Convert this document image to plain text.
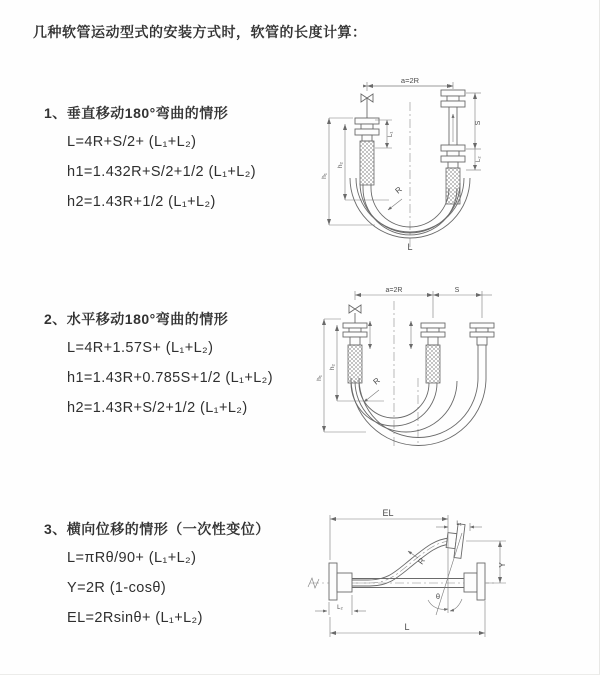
几种软管运动型式的安装方式时，软管的长度计算：
1、垂直移动180°弯曲的情形
L=4R+S/2+ (L₁+L₂)
h1=1.432R+S/2+1/2 (L₁+L₂)
h2=1.43R+1/2 (L₁+L₂)
2、水平移动180°弯曲的情形
L=4R+1.57S+ (L₁+L₂)
h1=1.43R+0.785S+1/2 (L₁+L₂)
h2=1.43R+S/2+1/2 (L₁+L₂)
3、横向位移的情形（一次性变位）
L=πRθ/90+ (L₁+L₂)
Y=2R (1-cosθ)
EL=2Rsinθ+ (L₁+L₂)
a=2R
R
h₁
h₂
L₁
S
L₂
L
a=2R	S
R
h₁
h₂
EL
L₁
θ
R	Y
L₂
L
